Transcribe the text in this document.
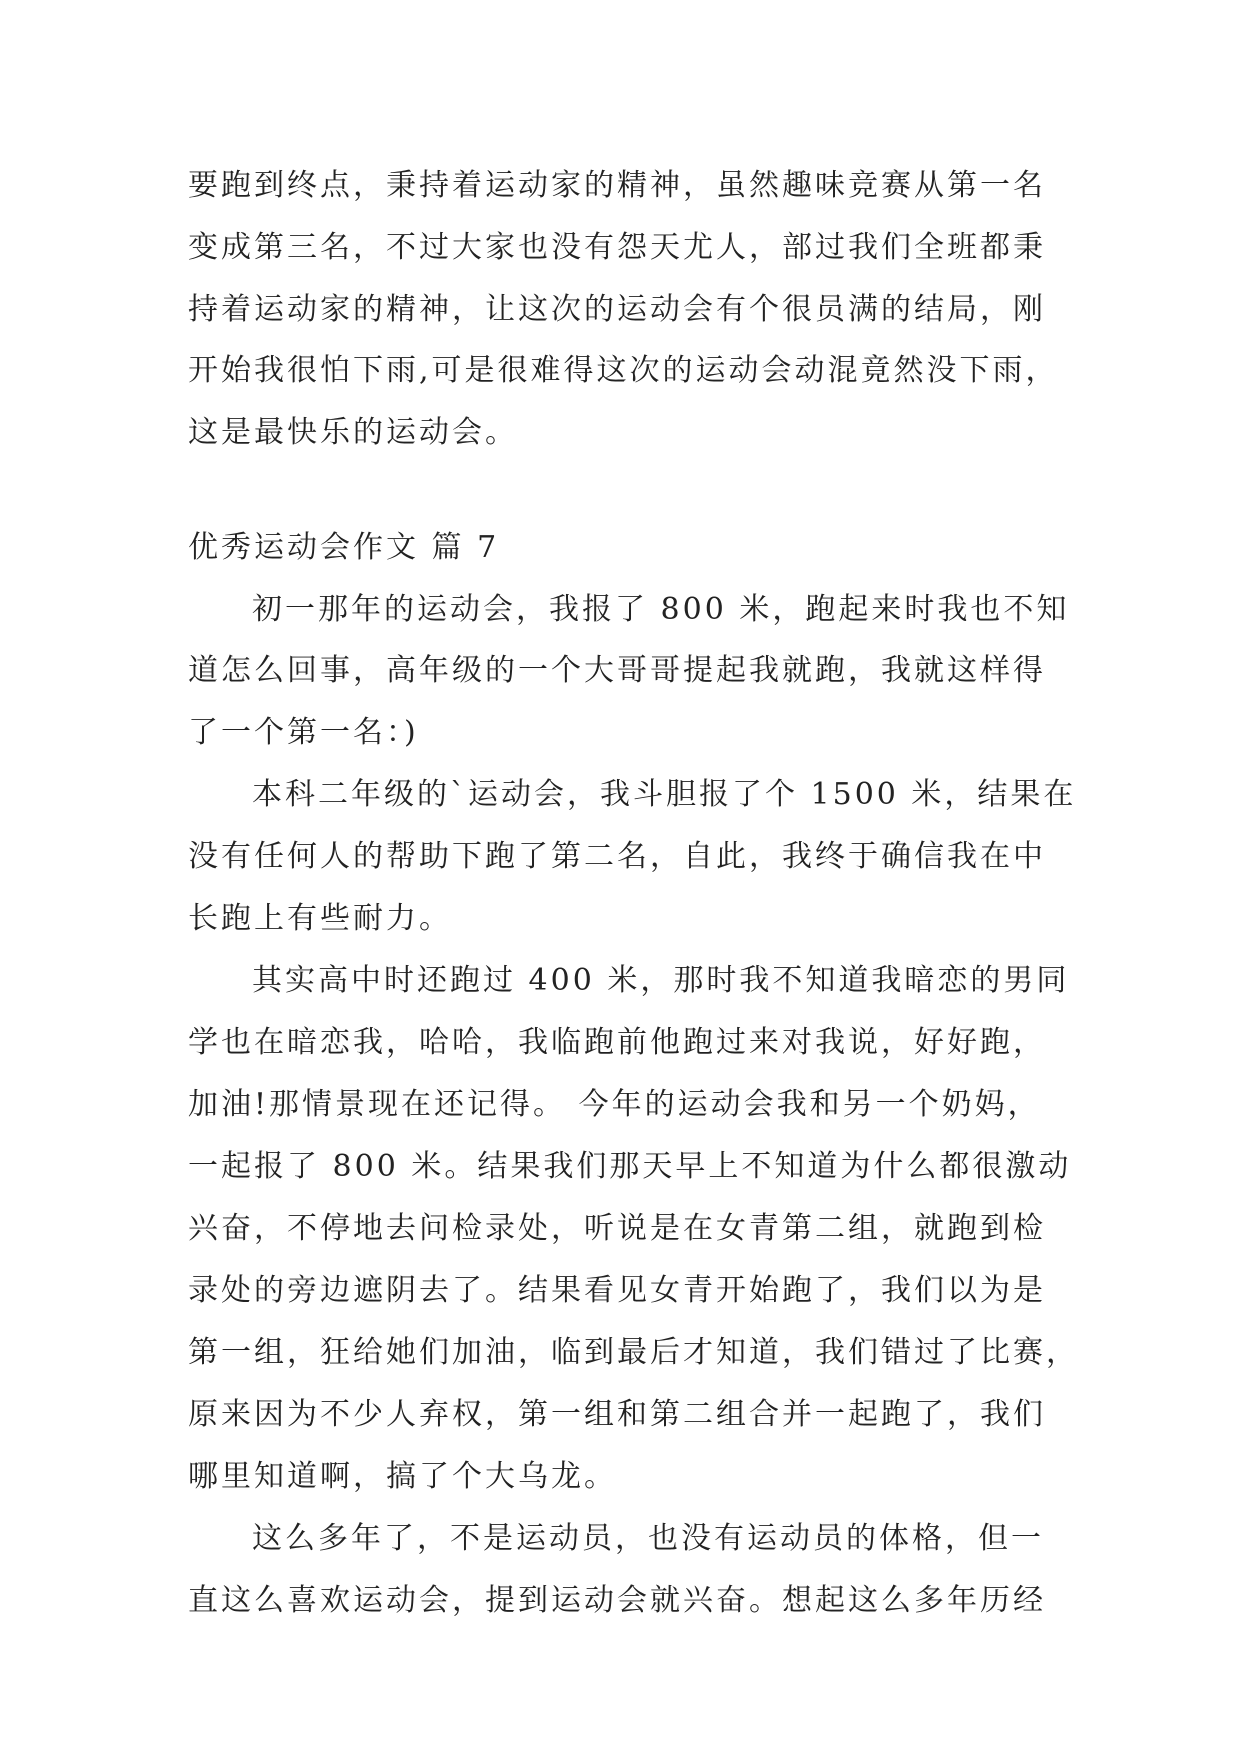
要跑到终点，秉持着运动家的精神，虽然趣味竞赛从第一名
变成第三名，不过大家也没有怨天尤人，部过我们全班都秉
持着运动家的精神，让这次的运动会有个很员满的结局，刚
开始我很怕下雨,可是很难得这次的运动会动混竟然没下雨，
这是最快乐的运动会。
优秀运动会作文 篇 7
初一那年的运动会，我报了 800 米，跑起来时我也不知
道怎么回事，高年级的一个大哥哥提起我就跑，我就这样得
了一个第一名：)
本科二年级的`运动会，我斗胆报了个 1500 米，结果在
没有任何人的帮助下跑了第二名，自此，我终于确信我在中
长跑上有些耐力。
其实高中时还跑过 400 米，那时我不知道我暗恋的男同
学也在暗恋我，哈哈，我临跑前他跑过来对我说，好好跑，
加油!那情景现在还记得。 今年的运动会我和另一个奶妈，
一起报了 800 米。结果我们那天早上不知道为什么都很激动
兴奋，不停地去问检录处，听说是在女青第二组，就跑到检
录处的旁边遮阴去了。结果看见女青开始跑了，我们以为是
第一组，狂给她们加油，临到最后才知道，我们错过了比赛，
原来因为不少人弃权，第一组和第二组合并一起跑了，我们
哪里知道啊，搞了个大乌龙。
这么多年了，不是运动员，也没有运动员的体格，但一
直这么喜欢运动会，提到运动会就兴奋。想起这么多年历经
